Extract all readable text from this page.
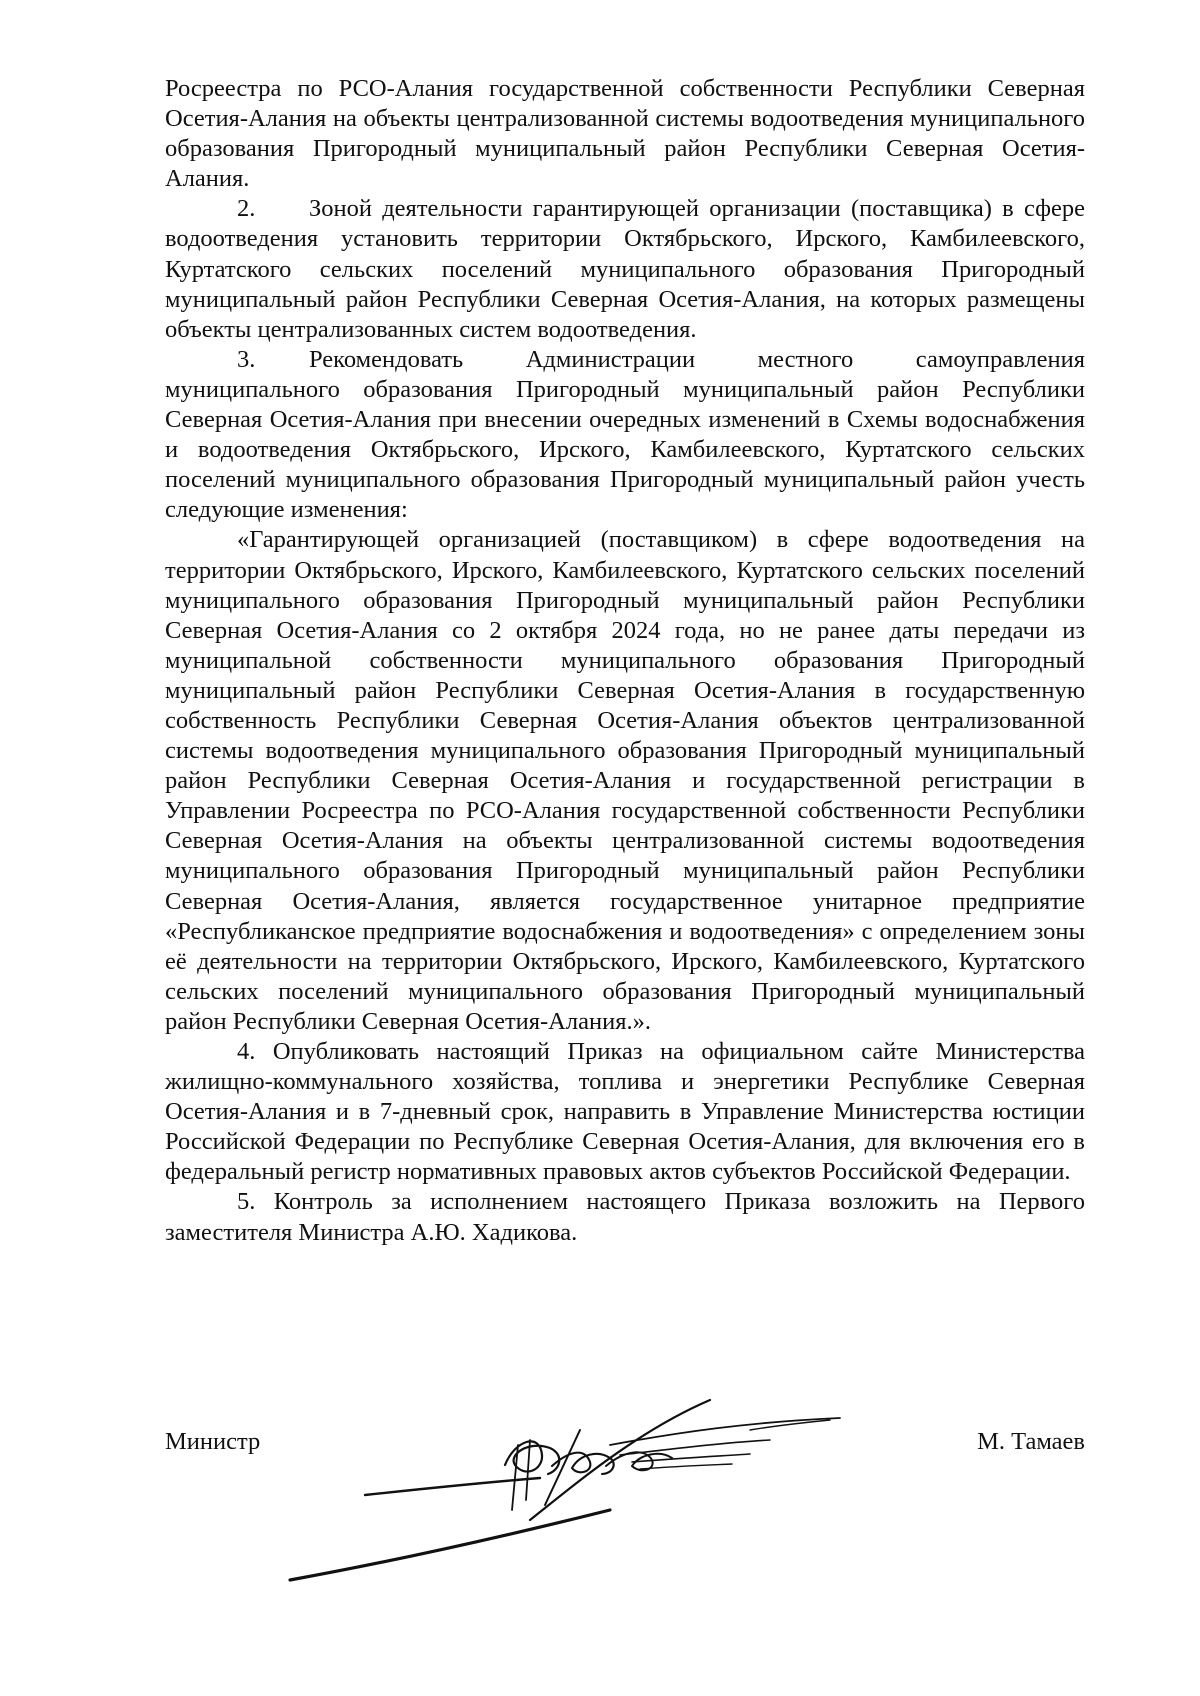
Росреестра по РСО-Алания государственной собственности Республики Северная Осетия-Алания на объекты централизованной системы водоотведения муниципального образования Пригородный муниципальный район Республики Северная Осетия-Алания.

2. Зоной деятельности гарантирующей организации (поставщика) в сфере водоотведения установить территории Октябрьского, Ирского, Камбилеевского, Куртатского сельских поселений муниципального образования Пригородный муниципальный район Республики Северная Осетия-Алания, на которых размещены объекты централизованных систем водоотведения.

3. Рекомендовать Администрации местного самоуправления муниципального образования Пригородный муниципальный район Республики Северная Осетия-Алания при внесении очередных изменений в Схемы водоснабжения и водоотведения Октябрьского, Ирского, Камбилеевского, Куртатского сельских поселений муниципального образования Пригородный муниципальный район учесть следующие изменения:

«Гарантирующей организацией (поставщиком) в сфере водоотведения на территории Октябрьского, Ирского, Камбилеевского, Куртатского сельских поселений муниципального образования Пригородный муниципальный район Республики Северная Осетия-Алания со 2 октября 2024 года, но не ранее даты передачи из муниципальной собственности муниципального образования Пригородный муниципальный район Республики Северная Осетия-Алания в государственную собственность Республики Северная Осетия-Алания объектов централизованной системы водоотведения муниципального образования Пригородный муниципальный район Республики Северная Осетия-Алания и государственной регистрации в Управлении Росреестра по РСО-Алания государственной собственности Республики Северная Осетия-Алания на объекты централизованной системы водоотведения муниципального образования Пригородный муниципальный район Республики Северная Осетия-Алания, является государственное унитарное предприятие «Республиканское предприятие водоснабжения и водоотведения» с определением зоны её деятельности на территории Октябрьского, Ирского, Камбилеевского, Куртатского сельских поселений муниципального образования Пригородный муниципальный район Республики Северная Осетия-Алания.».

4. Опубликовать настоящий Приказ на официальном сайте Министерства жилищно-коммунального хозяйства, топлива и энергетики Республике Северная Осетия-Алания и в 7-дневный срок, направить в Управление Министерства юстиции Российской Федерации по Республике Северная Осетия-Алания, для включения его в федеральный регистр нормативных правовых актов субъектов Российской Федерации.

5. Контроль за исполнением настоящего Приказа возложить на Первого заместителя Министра А.Ю. Хадикова.

Министр	М. Тамаев
